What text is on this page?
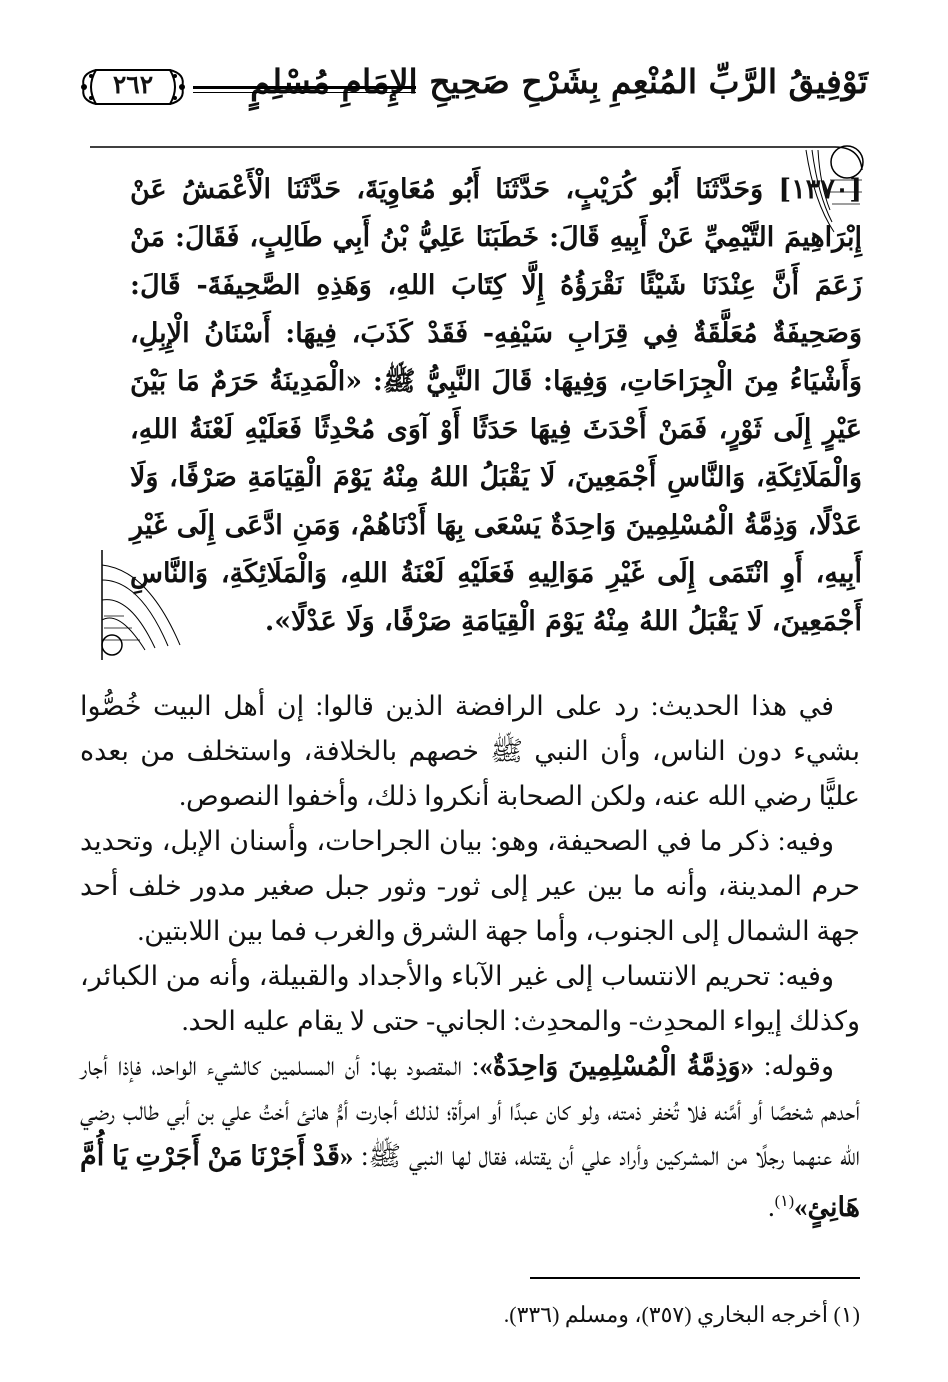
تَوْفِيقُ الرَّبِّ المُنْعِمِ بِشَرْحِ صَحِيحِ الإِمَامِ مُسْلِمٍ
٢٦٢
[١٣٧٠] وَحَدَّثَنَا أَبُو كُرَيْبٍ، حَدَّثَنَا أَبُو مُعَاوِيَةَ، حَدَّثَنَا الْأَعْمَشُ عَنْ إِبْرَاهِيمَ التَّيْمِيِّ عَنْ أَبِيهِ قَالَ: خَطَبَنَا عَلِيُّ بْنُ أَبِي طَالِبٍ، فَقَالَ: مَنْ زَعَمَ أَنَّ عِنْدَنَا شَيْئًا نَقْرَؤُهُ إِلَّا كِتَابَ اللهِ، وَهَذِهِ الصَّحِيفَةَ- قَالَ: وَصَحِيفَةٌ مُعَلَّقَةٌ فِي قِرَابِ سَيْفِهِ- فَقَدْ كَذَبَ، فِيهَا: أَسْنَانُ الْإِبِلِ، وَأَشْيَاءُ مِنَ الْجِرَاحَاتِ، وَفِيهَا: قَالَ النَّبِيُّ ﷺ: «الْمَدِينَةُ حَرَمٌ مَا بَيْنَ عَيْرٍ إِلَى ثَوْرٍ، فَمَنْ أَحْدَثَ فِيهَا حَدَثًا أَوْ آوَى مُحْدِثًا فَعَلَيْهِ لَعْنَةُ اللهِ، وَالْمَلَائِكَةِ، وَالنَّاسِ أَجْمَعِينَ، لَا يَقْبَلُ اللهُ مِنْهُ يَوْمَ الْقِيَامَةِ صَرْفًا، وَلَا عَدْلًا، وَذِمَّةُ الْمُسْلِمِينَ وَاحِدَةٌ يَسْعَى بِهَا أَدْنَاهُمْ، وَمَنِ ادَّعَى إِلَى غَيْرِ أَبِيهِ، أَوِ انْتَمَى إِلَى غَيْرِ مَوَالِيهِ فَعَلَيْهِ لَعْنَةُ اللهِ، وَالْمَلَائِكَةِ، وَالنَّاسِ أَجْمَعِينَ، لَا يَقْبَلُ اللهُ مِنْهُ يَوْمَ الْقِيَامَةِ صَرْفًا، وَلَا عَدْلًا».

في هذا الحديث: رد على الرافضة الذين قالوا: إن أهل البيت خُصُّوا بشيء دون الناس، وأن النبي ﷺ خصهم بالخلافة، واستخلف من بعده عليًّا رضي الله عنه، ولكن الصحابة أنكروا ذلك، وأخفوا النصوص.

وفيه: ذكر ما في الصحيفة، وهو: بيان الجراحات، وأسنان الإبل، وتحديد حرم المدينة، وأنه ما بين عير إلى ثور- وثور جبل صغير مدور خلف أحد جهة الشمال إلى الجنوب، وأما جهة الشرق والغرب فما بين اللابتين.

وفيه: تحريم الانتساب إلى غير الآباء والأجداد والقبيلة، وأنه من الكبائر، وكذلك إيواء المحدِث- والمحدِث: الجاني- حتى لا يقام عليه الحد.

وقوله: «وَذِمَّةُ الْمُسْلِمِينَ وَاحِدَةٌ»: المقصود بها: أن المسلمين كالشيء الواحد، فإذا أجار أحدهم شخصًا أو أمَّنه فلا تُخفر ذمته، ولو كان عبدًا أو امرأة؛ لذلك أجارت أمُّ هانئ أختُ علي بن أبي طالب رضي الله عنهما رجلًا من المشركين وأراد علي أن يقتله، فقال لها النبي ﷺ: «قَدْ أَجَرْنَا مَنْ أَجَرْتِ يَا أُمَّ هَانِئٍ»$^{(١)}$.

(١) أخرجه البخاري (٣٥٧)، ومسلم (٣٣٦).
